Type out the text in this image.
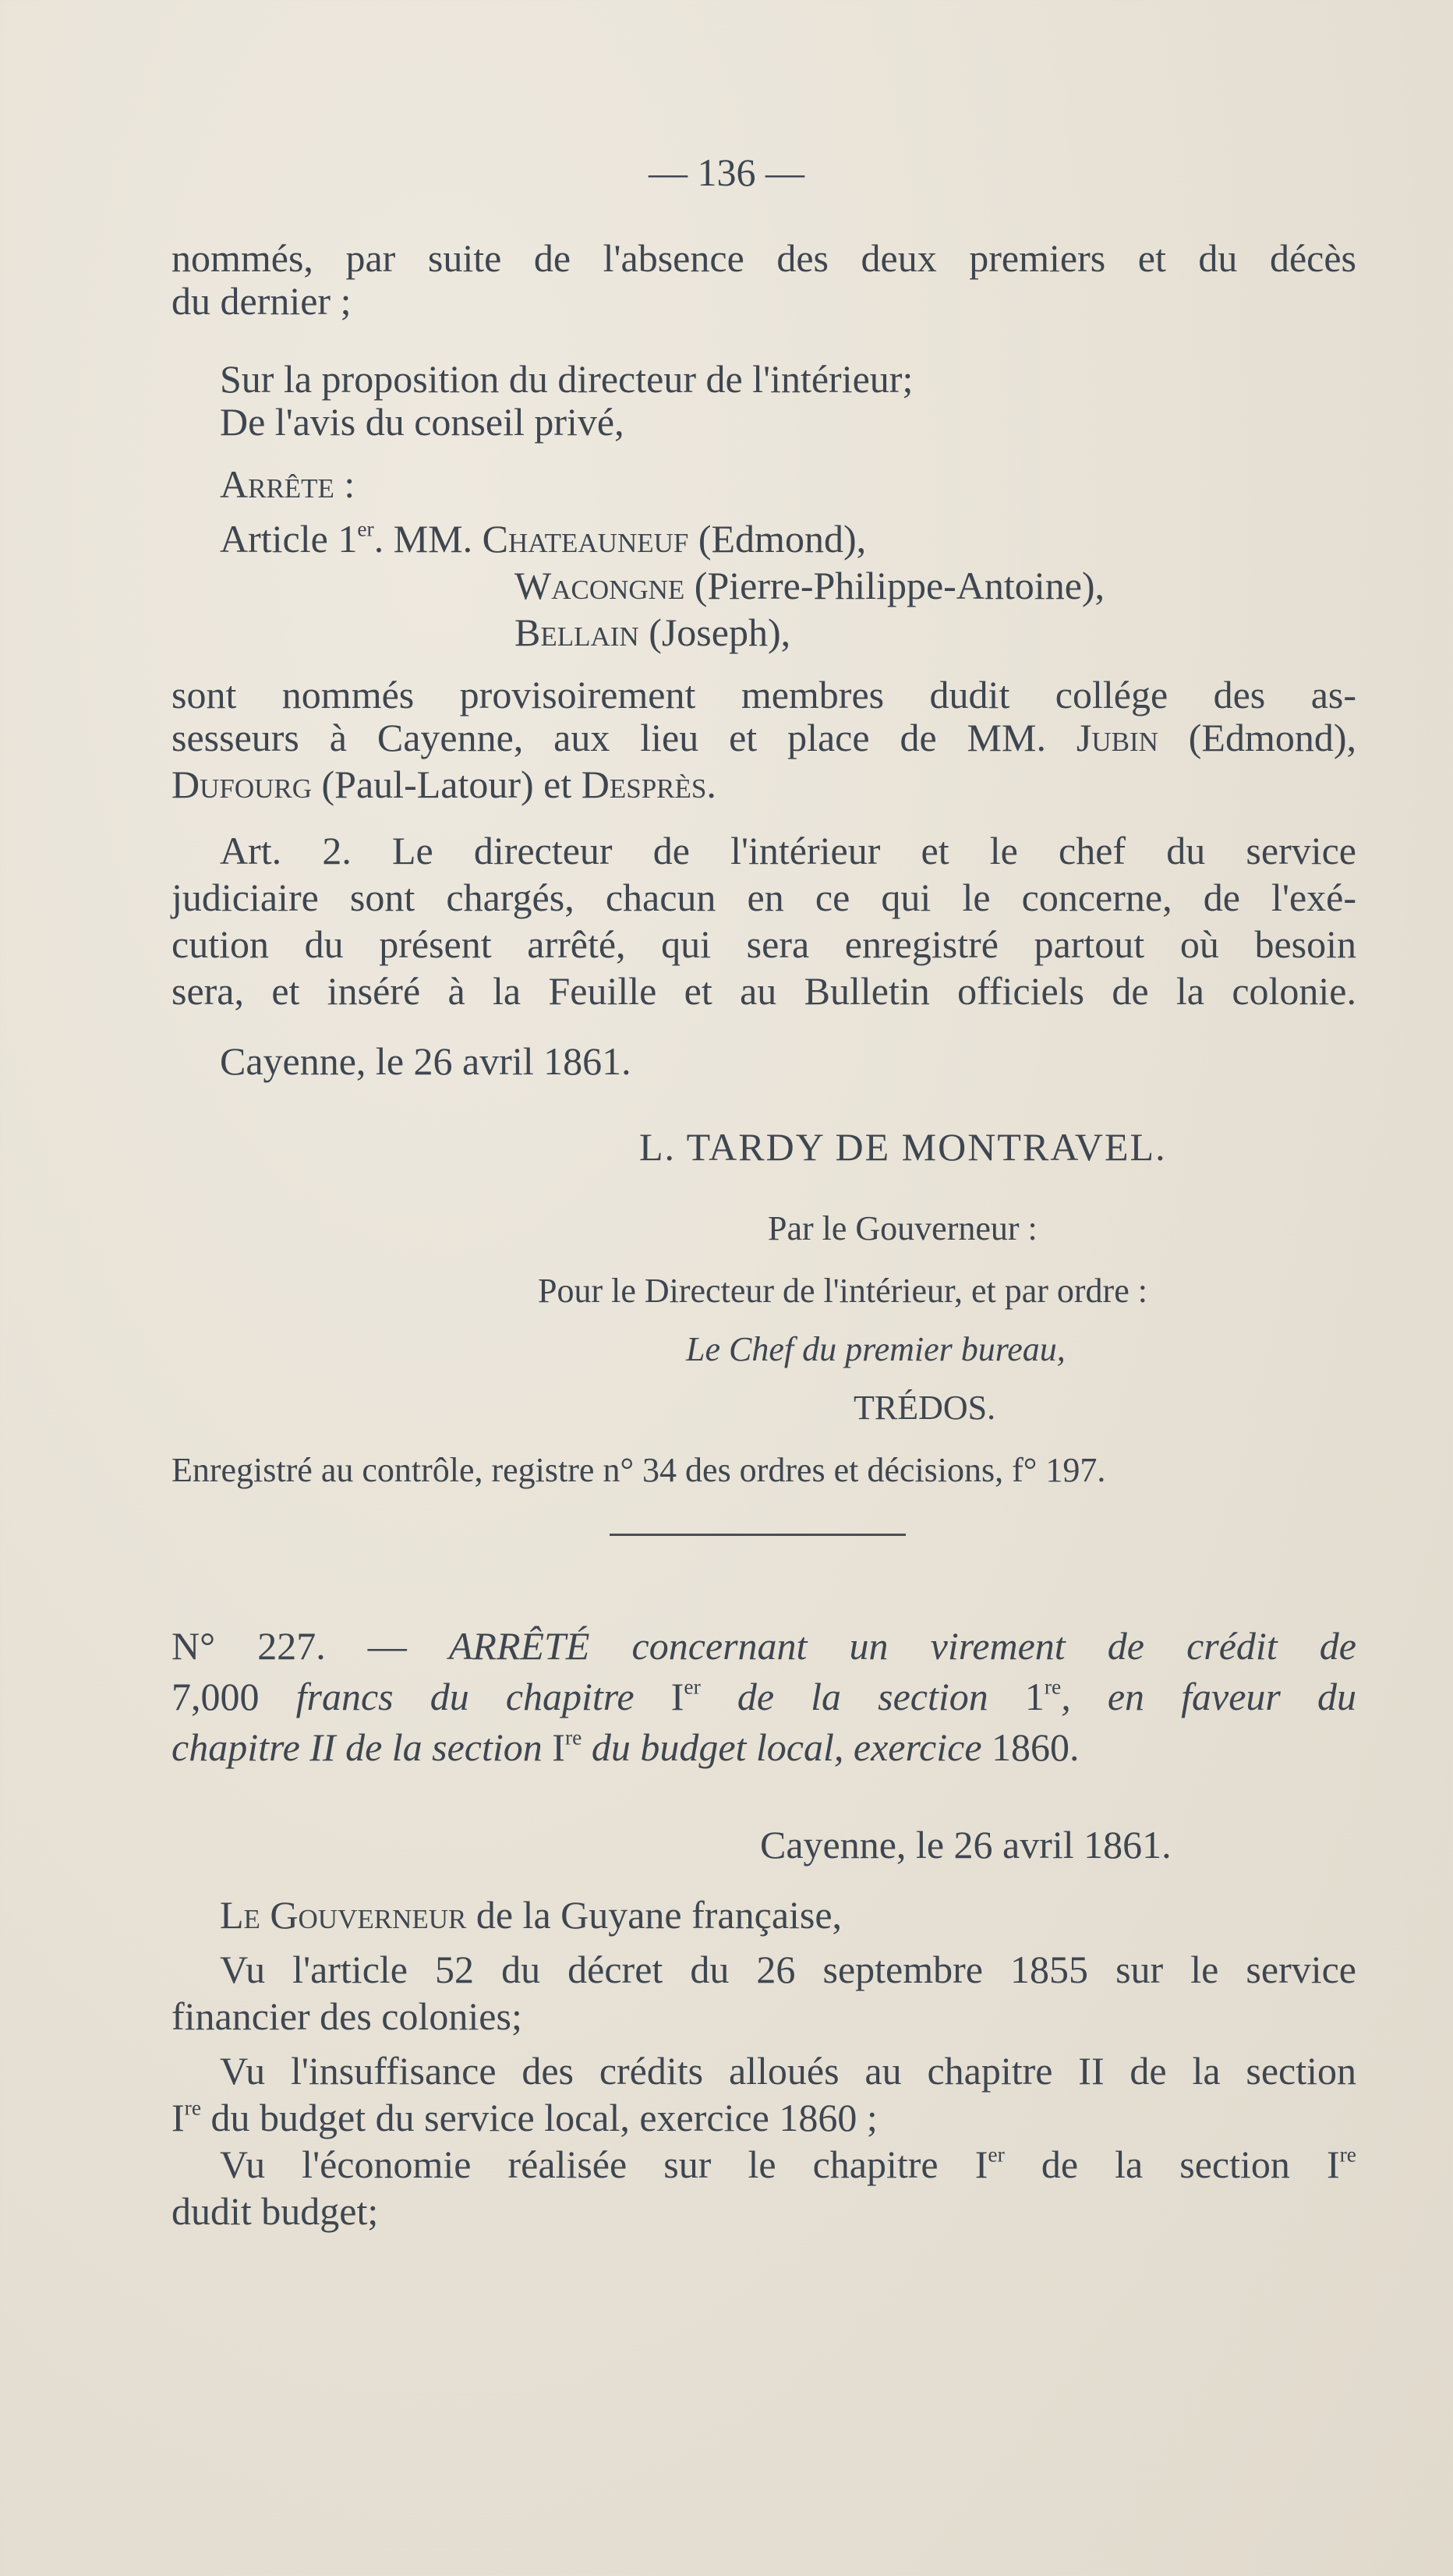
— 136 —
nommés, par suite de l'absence des deux premiers et du décès
du dernier ;
Sur la proposition du directeur de l'intérieur;
De l'avis du conseil privé,
Arrête :
Article 1er. MM. Chateauneuf (Edmond),
Wacongne (Pierre-Philippe-Antoine),
Bellain (Joseph),
sont nommés provisoirement membres dudit collége des as-
sesseurs à Cayenne, aux lieu et place de MM. Jubin (Edmond),
Dufourg (Paul-Latour) et Desprès.
Art. 2. Le directeur de l'intérieur et le chef du service
judiciaire sont chargés, chacun en ce qui le concerne, de l'exé-
cution du présent arrêté, qui sera enregistré partout où besoin
sera, et inséré à la Feuille et au Bulletin officiels de la colonie.
Cayenne, le 26 avril 1861.
L. TARDY DE MONTRAVEL.
Par le Gouverneur :
Pour le Directeur de l'intérieur, et par ordre :
Le Chef du premier bureau,
TRÉDOS.
Enregistré au contrôle, registre n° 34 des ordres et décisions, f° 197.
N° 227. — ARRÊTÉ concernant un virement de crédit de
7,000 francs du chapitre Ier de la section 1re, en faveur du
chapitre II de la section Ire du budget local, exercice 1860.
Cayenne, le 26 avril 1861.
Le Gouverneur de la Guyane française,
Vu l'article 52 du décret du 26 septembre 1855 sur le service
financier des colonies;
Vu l'insuffisance des crédits alloués au chapitre II de la section
Ire du budget du service local, exercice 1860 ;
Vu l'économie réalisée sur le chapitre Ier de la section Ire
dudit budget;
